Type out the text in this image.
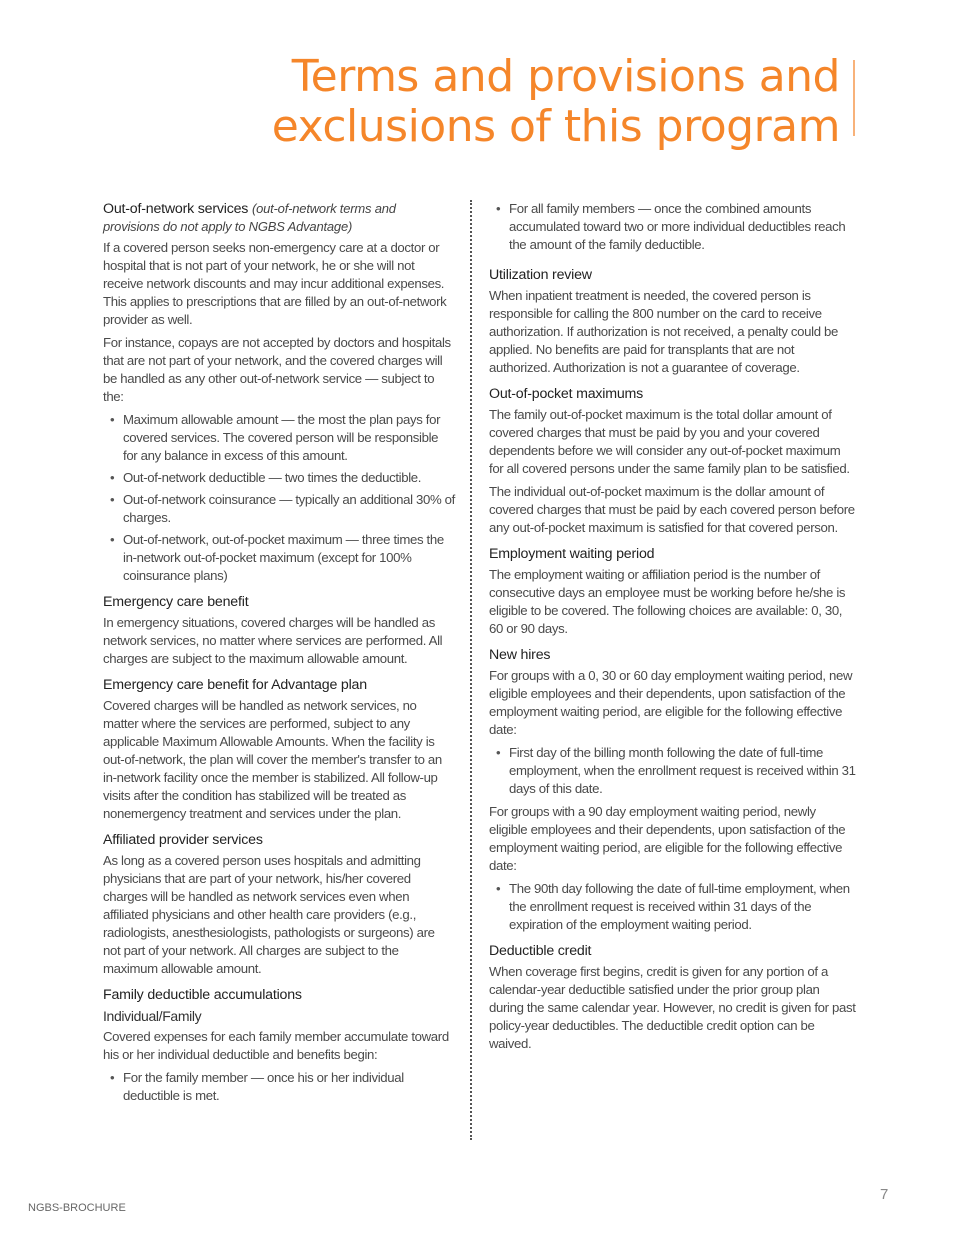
Terms and provisions and
exclusions of this program
Out-of-network services (out-of-network terms and provisions do not apply to NGBS Advantage)

If a covered person seeks non-emergency care at a doctor or hospital that is not part of your network, he or she will not receive network discounts and may incur additional expenses. This applies to prescriptions that are filled by an out-of-network provider as well.

For instance, copays are not accepted by doctors and hospitals that are not part of your network, and the covered charges will be handled as any other out-of-network service — subject to the:

• Maximum allowable amount — the most the plan pays for covered services. The covered person will be responsible for any balance in excess of this amount.
• Out-of-network deductible — two times the deductible.
• Out-of-network coinsurance — typically an additional 30% of charges.
• Out-of-network, out-of-pocket maximum — three times the in-network out-of-pocket maximum (except for 100% coinsurance plans)
Emergency care benefit

In emergency situations, covered charges will be handled as network services, no matter where services are performed. All charges are subject to the maximum allowable amount.

Emergency care benefit for Advantage plan

Covered charges will be handled as network services, no matter where the services are performed, subject to any applicable Maximum Allowable Amounts. When the facility is out-of-network, the plan will cover the member's transfer to an in-network facility once the member is stabilized. All follow-up visits after the condition has stabilized will be treated as nonemergency treatment and services under the plan.

Affiliated provider services

As long as a covered person uses hospitals and admitting physicians that are part of your network, his/her covered charges will be handled as network services even when affiliated physicians and other health care providers (e.g., radiologists, anesthesiologists, pathologists or surgeons) are not part of your network. All charges are subject to the maximum allowable amount.

Family deductible accumulations
Individual/Family

Covered expenses for each family member accumulate toward his or her individual deductible and benefits begin:

• For the family member — once his or her individual deductible is met.
• For all family members — once the combined amounts accumulated toward two or more individual deductibles reach the amount of the family deductible.
Utilization review

When inpatient treatment is needed, the covered person is responsible for calling the 800 number on the card to receive authorization. If authorization is not received, a penalty could be applied. No benefits are paid for transplants that are not authorized. Authorization is not a guarantee of coverage.

Out-of-pocket maximums

The family out-of-pocket maximum is the total dollar amount of covered charges that must be paid by you and your covered dependents before we will consider any out-of-pocket maximum for all covered persons under the same family plan to be satisfied.

The individual out-of-pocket maximum is the dollar amount of covered charges that must be paid by each covered person before any out-of-pocket maximum is satisfied for that covered person.

Employment waiting period

The employment waiting or affiliation period is the number of consecutive days an employee must be working before he/she is eligible to be covered. The following choices are available: 0, 30, 60 or 90 days.

New hires

For groups with a 0, 30 or 60 day employment waiting period, new eligible employees and their dependents, upon satisfaction of the employment waiting period, are eligible for the following effective date:

• First day of the billing month following the date of full-time employment, when the enrollment request is received within 31 days of this date.

For groups with a 90 day employment waiting period, newly eligible employees and their dependents, upon satisfaction of the employment waiting period, are eligible for the following effective date:

• The 90th day following the date of full-time employment, when the enrollment request is received within 31 days of the expiration of the employment waiting period.
Deductible credit

When coverage first begins, credit is given for any portion of a calendar-year deductible satisfied under the prior group plan during the same calendar year. However, no credit is given for past policy-year deductibles. The deductible credit option can be waived.

NGBS-BROCHURE
7
